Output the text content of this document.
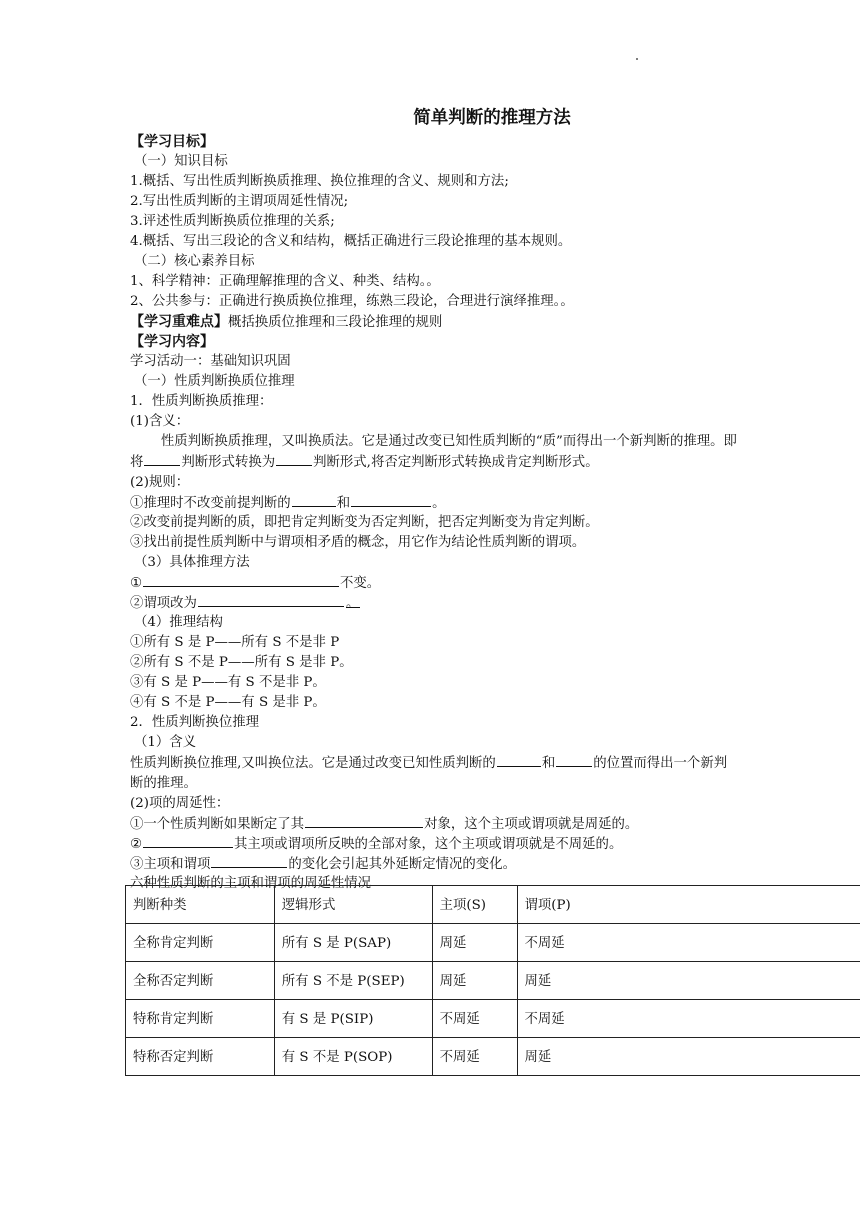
简单判断的推理方法
【学习目标】
（一）知识目标
1.概括、写出性质判断换质推理、换位推理的含义、规则和方法;
2.写出性质判断的主谓项周延性情况;
3.评述性质判断换质位推理的关系;
4.概括、写出三段论的含义和结构，概括正确进行三段论推理的基本规则。
（二）核心素养目标
1、科学精神：正确理解推理的含义、种类、结构。。
2、公共参与：正确进行换质换位推理，练熟三段论，合理进行演绎推理。。
【学习重难点】概括换质位推理和三段论推理的规则
【学习内容】
学习活动一：基础知识巩固
（一）性质判断换质位推理
1．性质判断换质推理：
(1)含义：
性质判断换质推理，又叫换质法。它是通过改变已知性质判断的“质”而得出一个新判断的推理。即将	判断形式转换为	判断形式,将否定判断形式转换成肯定判断形式。
(2)规则：
①推理时不改变前提判断的	和	。
②改变前提判断的质，即把肯定判断变为否定判断，把否定判断变为肯定判断。
③找出前提性质判断中与谓项相矛盾的概念，用它作为结论性质判断的谓项。
（3）具体推理方法
①	不变。
②谓项改为	。
（4）推理结构
①所有 S 是 P——所有 S 不是非 P
②所有 S 不是 P——所有 S 是非 P。
③有 S 是 P——有 S 不是非 P。
④有 S 不是 P——有 S 是非 P。
2．性质判断换位推理
（1）含义
性质判断换位推理,又叫换位法。它是通过改变已知性质判断的	和	的位置而得出一个新判断的推理。
(2)项的周延性：
①一个性质判断如果断定了其	对象，这个主项或谓项就是周延的。
②	其主项或谓项所反映的全部对象，这个主项或谓项就是不周延的。
③主项和谓项	的变化会引起其外延断定情况的变化。
六种性质判断的主项和谓项的周延性情况
判断种类	逻辑形式	主项(S)	谓项(P)
全称肯定判断	所有 S 是 P(SAP)	周延	不周延
全称否定判断	所有 S 不是 P(SEP)	周延	周延
特称肯定判断	有 S 是 P(SIP)	不周延	不周延
特称否定判断	有 S 不是 P(SOP)	不周延	周延
